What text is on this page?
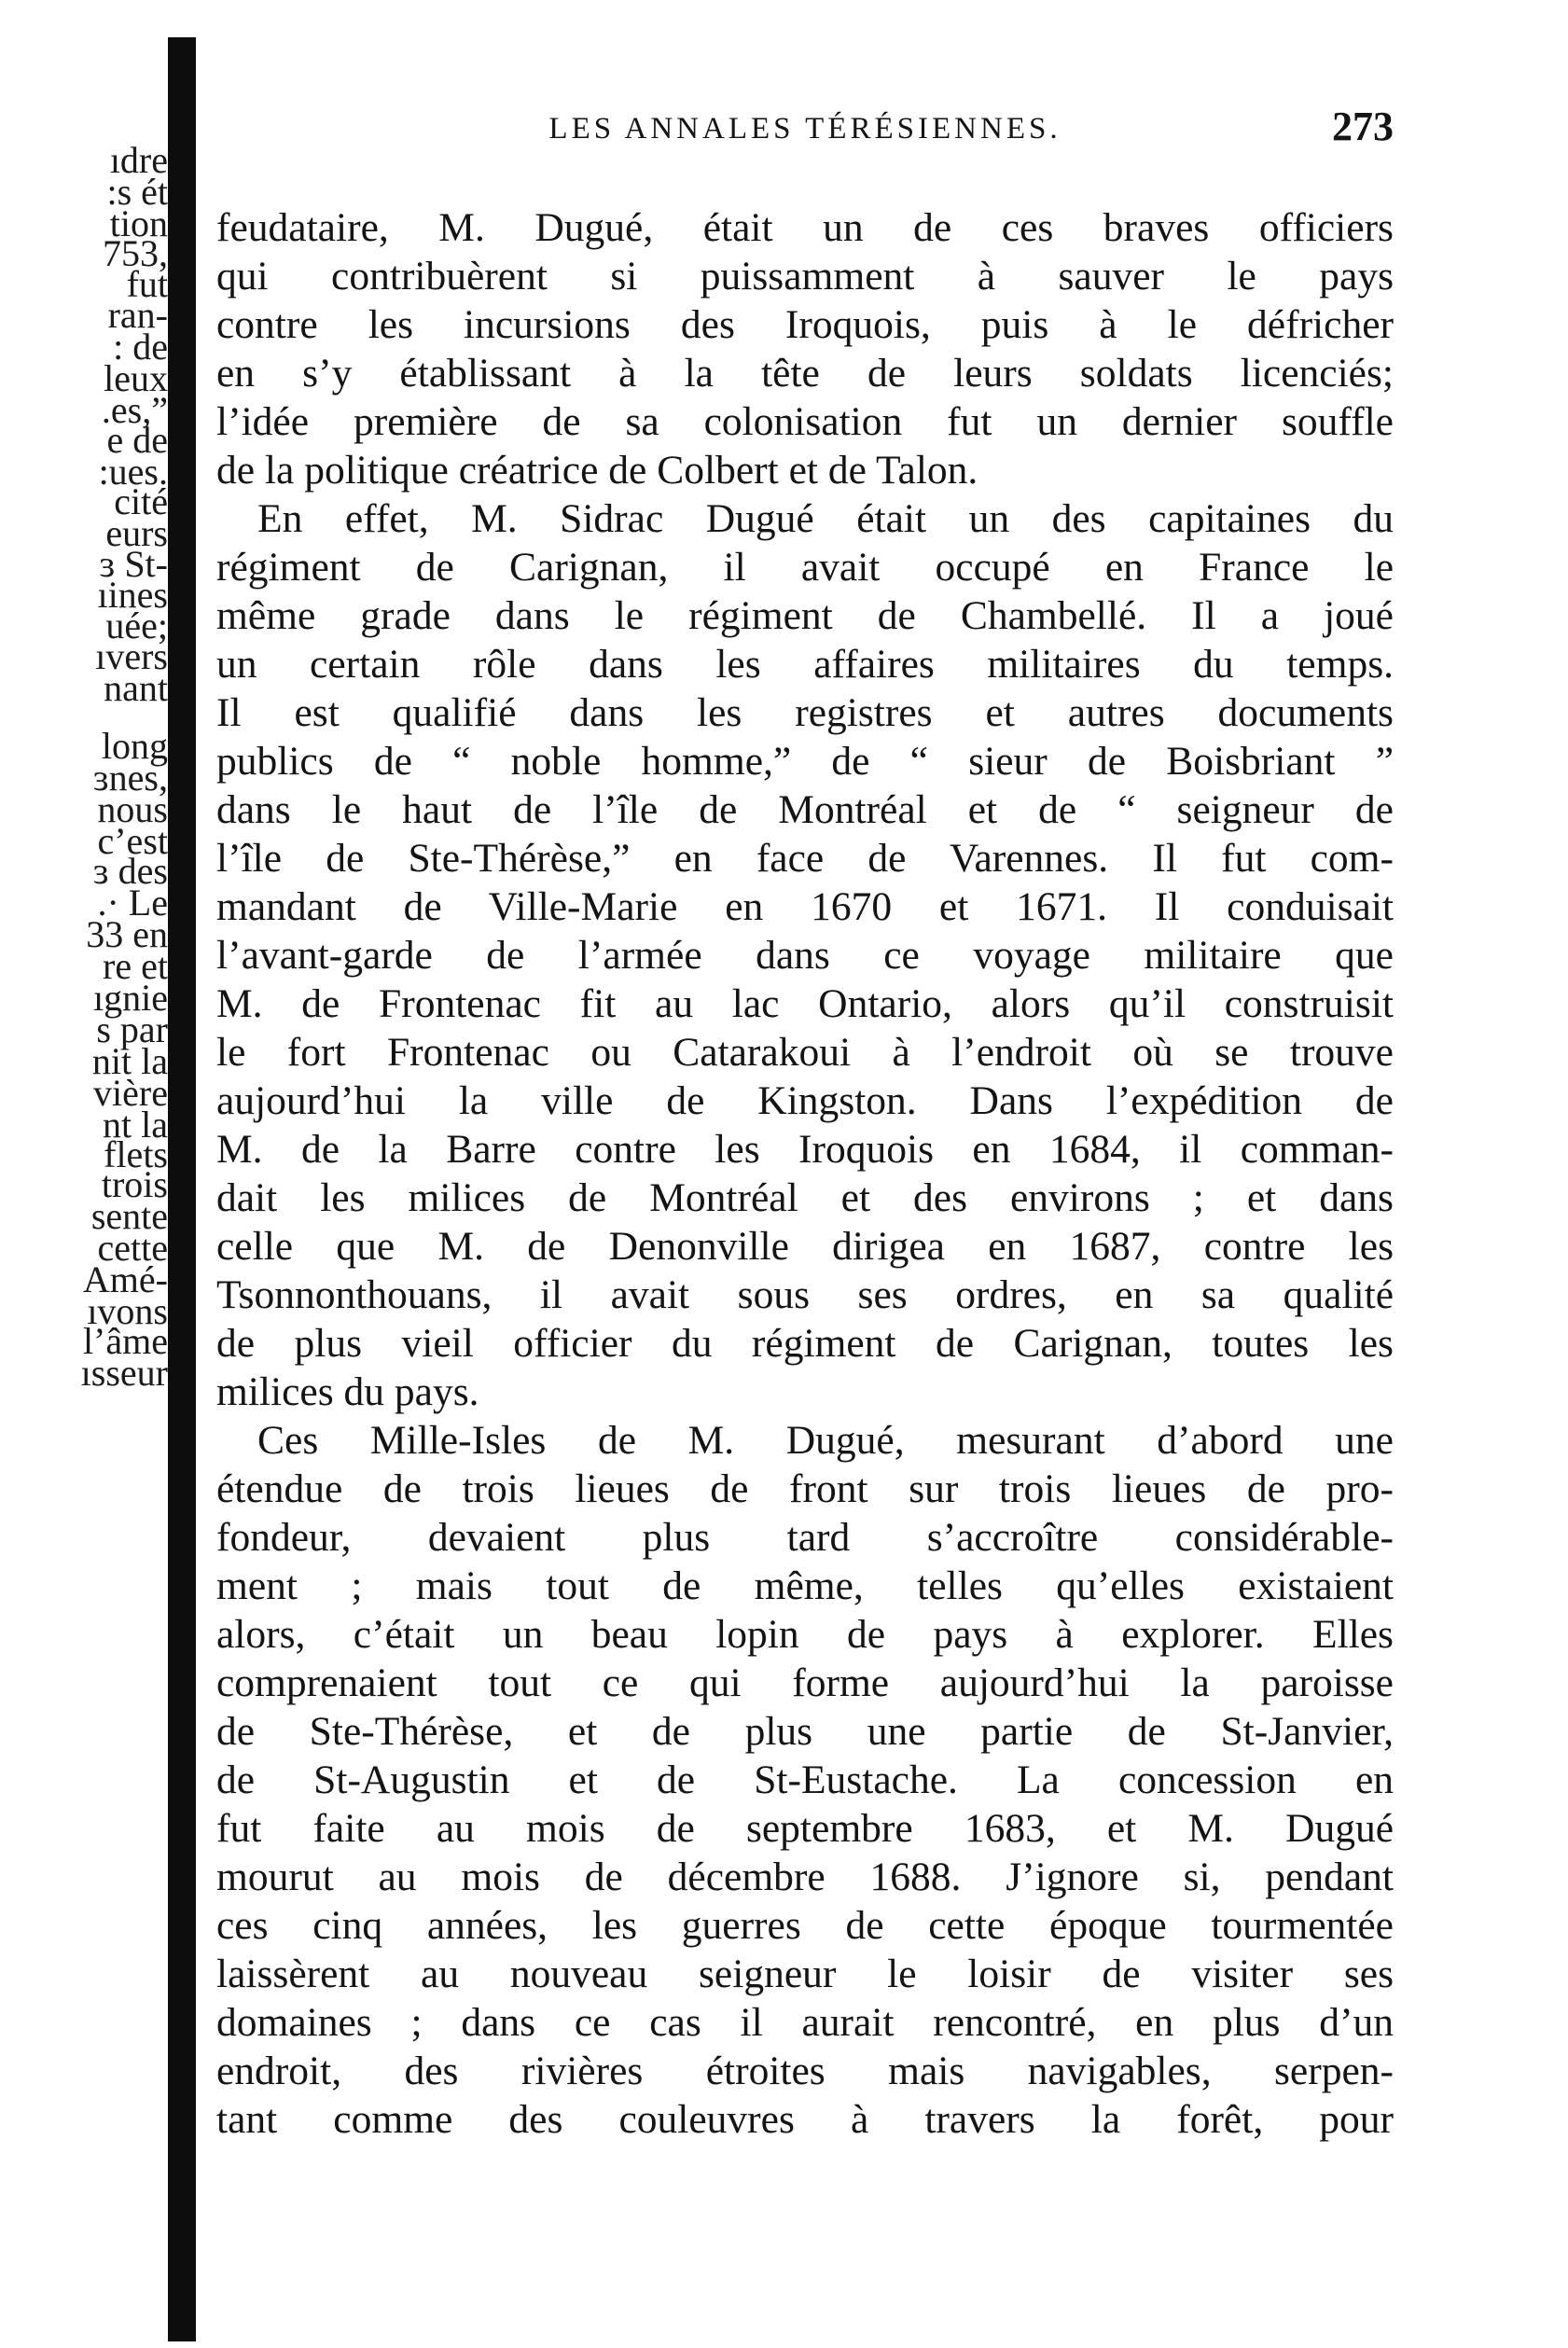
ıdre
:s ét
tion
753,
fut
ran-
: de
leux
.es,”
e de
:ues.
cité
eurs
ɜ St-
ıines
uée;
ıvers
nant
long
ɜnes,
nous
c’est
ɜ des
.· Le
33 en
re et
ıgnie
s par
nit la
vière
nt la
flets
trois
sente
cette
Amé-
ıvons
l’âme
ısseur
LES ANNALES TÉRÉSIENNES.	273
feudataire, M. Dugué, était un de ces braves officiers
qui contribuèrent si puissamment à sauver le pays
contre les incursions des Iroquois, puis à le défricher
en s’y établissant à la tête de leurs soldats licenciés;
l’idée première de sa colonisation fut un dernier souffle
de la politique créatrice de Colbert et de Talon.
En effet, M. Sidrac Dugué était un des capitaines du
régiment de Carignan, il avait occupé en France le
même grade dans le régiment de Chambellé. Il a joué
un certain rôle dans les affaires militaires du temps.
Il est qualifié dans les registres et autres documents
publics de “ noble homme,” de “ sieur de Boisbriant ”
dans le haut de l’île de Montréal et de “ seigneur de
l’île de Ste-Thérèse,” en face de Varennes. Il fut com-
mandant de Ville-Marie en 1670 et 1671. Il conduisait
l’avant-garde de l’armée dans ce voyage militaire que
M. de Frontenac fit au lac Ontario, alors qu’il construisit
le fort Frontenac ou Catarakoui à l’endroit où se trouve
aujourd’hui la ville de Kingston. Dans l’expédition de
M. de la Barre contre les Iroquois en 1684, il comman-
dait les milices de Montréal et des environs ; et dans
celle que M. de Denonville dirigea en 1687, contre les
Tsonnonthouans, il avait sous ses ordres, en sa qualité
de plus vieil officier du régiment de Carignan, toutes les
milices du pays.
Ces Mille-Isles de M. Dugué, mesurant d’abord une
étendue de trois lieues de front sur trois lieues de pro-
fondeur, devaient plus tard s’accroître considérable-
ment ; mais tout de même, telles qu’elles existaient
alors, c’était un beau lopin de pays à explorer. Elles
comprenaient tout ce qui forme aujourd’hui la paroisse
de Ste-Thérèse, et de plus une partie de St-Janvier,
de St-Augustin et de St-Eustache. La concession en
fut faite au mois de septembre 1683, et M. Dugué
mourut au mois de décembre 1688. J’ignore si, pendant
ces cinq années, les guerres de cette époque tourmentée
laissèrent au nouveau seigneur le loisir de visiter ses
domaines ; dans ce cas il aurait rencontré, en plus d’un
endroit, des rivières étroites mais navigables, serpen-
tant comme des couleuvres à travers la forêt, pour
